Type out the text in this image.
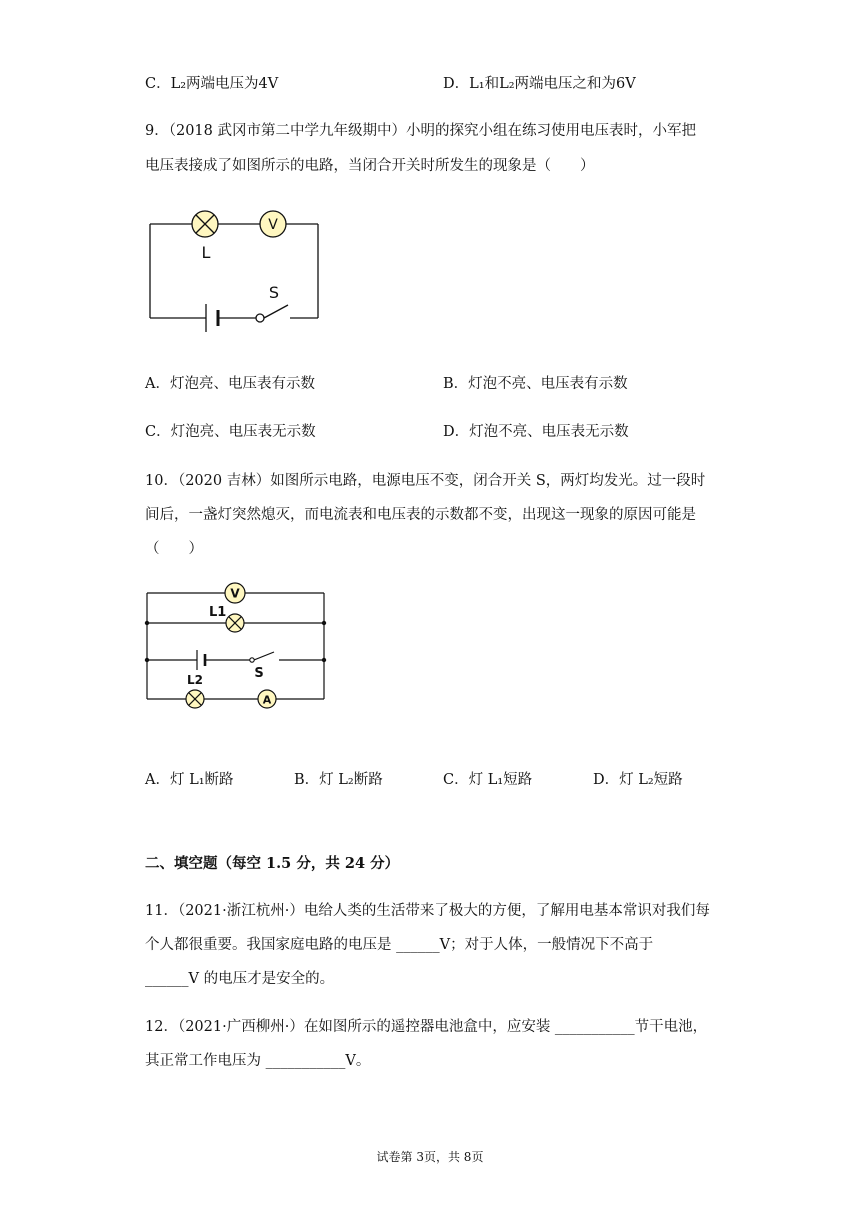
C．L₂两端电压为4V	D．L₁和L₂两端电压之和为6V
9．（2018 武冈市第二中学九年级期中）小明的探究小组在练习使用电压表时，小军把
电压表接成了如图所示的电路，当闭合开关时所发生的现象是（　　）
V
L
S
A．灯泡亮、电压表有示数	B．灯泡不亮、电压表有示数
C．灯泡亮、电压表无示数	D．灯泡不亮、电压表无示数
10．（2020 吉林）如图所示电路，电源电压不变，闭合开关 S，两灯均发光。过一段时
间后，一盏灯突然熄灭，而电流表和电压表的示数都不变，出现这一现象的原因可能是
（　　）
V
L1
S
L2
A
A．灯 L₁断路	B．灯 L₂断路	C．灯 L₁短路	D．灯 L₂短路
二、填空题（每空 1.5 分，共 24 分）
11．（2021·浙江杭州·）电给人类的生活带来了极大的方便，了解用电基本常识对我们每
个人都很重要。我国家庭电路的电压是 ______V；对于人体，一般情况下不高于
______V 的电压才是安全的。
12．（2021·广西柳州·）在如图所示的遥控器电池盒中，应安装 ___________节干电池，
其正常工作电压为 ___________V。
试卷第 3页，共 8页
